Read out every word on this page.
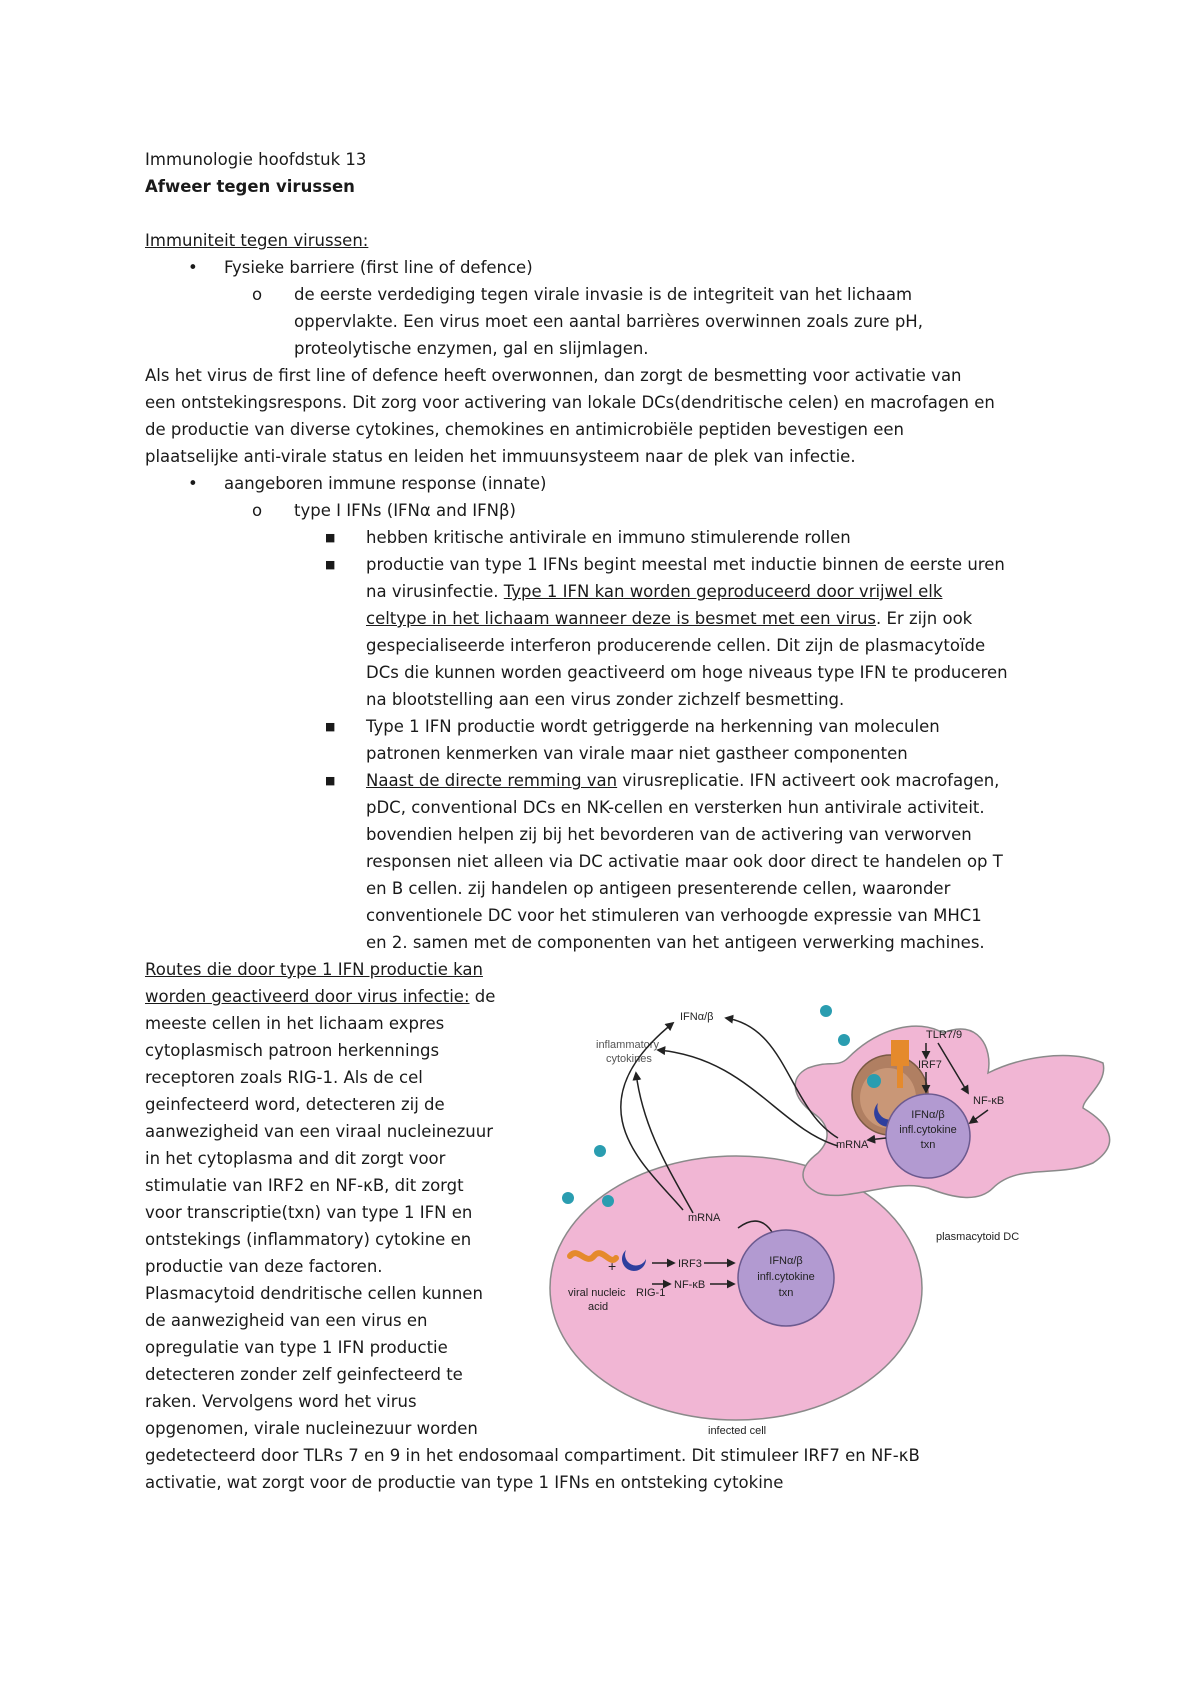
Immunologie hoofdstuk 13
Afweer tegen virussen
Immuniteit tegen virussen:
• Fysieke barriere (first line of defence)
o de eerste verdediging tegen virale invasie is de integriteit van het lichaam
oppervlakte. Een virus moet een aantal barrières overwinnen zoals zure pH,
proteolytische enzymen, gal en slijmlagen.
Als het virus de first line of defence heeft overwonnen, dan zorgt de besmetting voor activatie van
een ontstekingsrespons. Dit zorg voor activering van lokale DCs(dendritische celen) en macrofagen en
de productie van diverse cytokines, chemokines en antimicrobiële peptiden bevestigen een
plaatselijke anti-virale status en leiden het immuunsysteem naar de plek van infectie.
• aangeboren immune response (innate)
o type I IFNs (IFNα and IFNβ)
■ hebben kritische antivirale en immuno stimulerende rollen
■ productie van type 1 IFNs begint meestal met inductie binnen de eerste uren
na virusinfectie. Type 1 IFN kan worden geproduceerd door vrijwel elk
celtype in het lichaam wanneer deze is besmet met een virus. Er zijn ook
gespecialiseerde interferon producerende cellen. Dit zijn de plasmacytoïde
DCs die kunnen worden geactiveerd om hoge niveaus type IFN te produceren
na blootstelling aan een virus zonder zichzelf besmetting.
■ Type 1 IFN productie wordt getriggerde na herkenning van moleculen
patronen kenmerken van virale maar niet gastheer componenten
■ Naast de directe remming van virusreplicatie. IFN activeert ook macrofagen,
pDC, conventional DCs en NK-cellen en versterken hun antivirale activiteit.
bovendien helpen zij bij het bevorderen van de activering van verworven
responsen niet alleen via DC activatie maar ook door direct te handelen op T
en B cellen. zij handelen op antigeen presenterende cellen, waaronder
conventionele DC voor het stimuleren van verhoogde expressie van MHC1
en 2. samen met de componenten van het antigeen verwerking machines.
Routes die door type 1 IFN productie kan
worden geactiveerd door virus infectie: de
meeste cellen in het lichaam expres
cytoplasmisch patroon herkennings
receptoren zoals RIG-1. Als de cel
geinfecteerd word, detecteren zij de
aanwezigheid van een viraal nucleinezuur
in het cytoplasma and dit zorgt voor
stimulatie van IRF2 en NF-κB, dit zorgt
voor transcriptie(txn) van type 1 IFN en
ontstekings (inflammatory) cytokine en
productie van deze factoren.
Plasmacytoid dendritische cellen kunnen
de aanwezigheid van een virus en
opregulatie van type 1 IFN productie
detecteren zonder zelf geinfecteerd te
raken. Vervolgens word het virus
opgenomen, virale nucleinezuur worden
gedetecteerd door TLRs 7 en 9 in het endosomaal compartiment. Dit stimuleer IRF7 en NF-κB
activatie, wat zorgt voor de productie van type 1 IFNs en ontsteking cytokine
IFNα/β
infl.cytokine
txn
TLR7/9
IRF7
NF-κB
mRNA
plasmacytoid DC
IFNα/β
inflammatory
cytokines
mRNA
+
viral nucleic
acid
RIG-1
IRF3
NF-κB
IFNα/β
infl.cytokine
txn
infected cell
